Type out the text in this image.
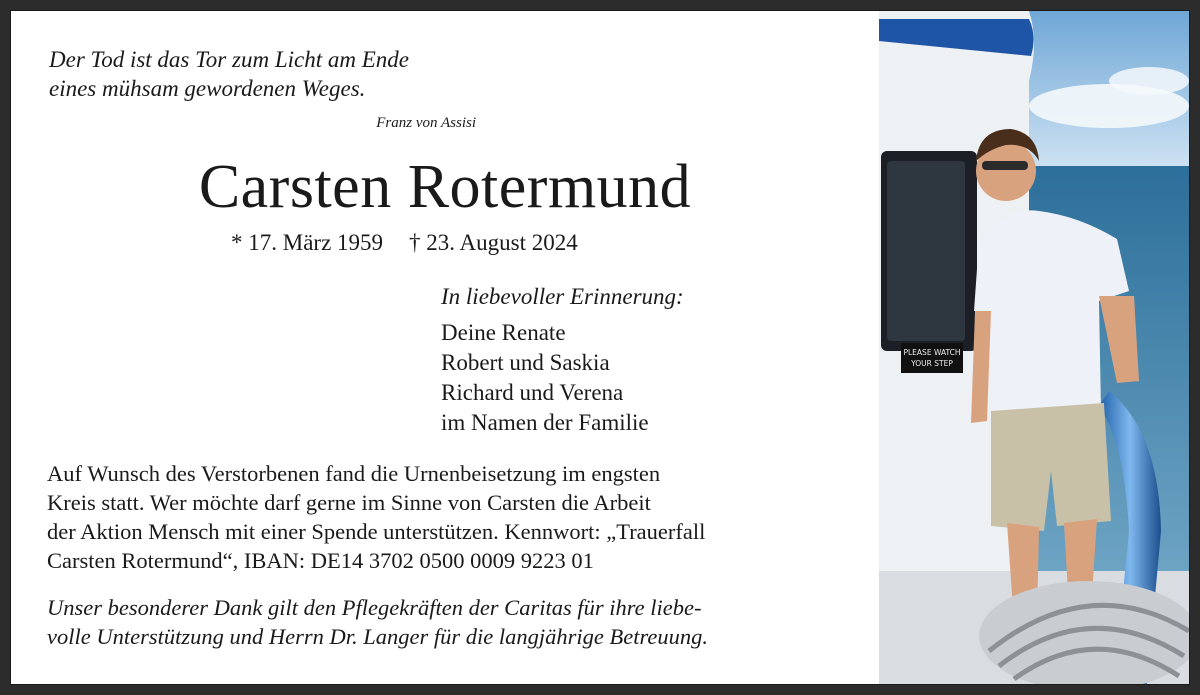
Der Tod ist das Tor zum Licht am Ende
eines mühsam gewordenen Weges.
Franz von Assisi
Carsten Rotermund
* 17. März 1959 † 23. August 2024
In liebevoller Erinnerung:
Deine Renate
Robert und Saskia
Richard und Verena
im Namen der Familie
Auf Wunsch des Verstorbenen fand die Urnenbeisetzung im engsten
Kreis statt. Wer möchte darf gerne im Sinne von Carsten die Arbeit
der Aktion Mensch mit einer Spende unterstützen. Kennwort: „Trauerfall
Carsten Rotermund“, IBAN: DE14 3702 0500 0009 9223 01
Unser besonderer Dank gilt den Pflegekräften der Caritas für ihre liebe-
volle Unterstützung und Herrn Dr. Langer für die langjährige Betreuung.
PLEASE WATCH
YOUR STEP
